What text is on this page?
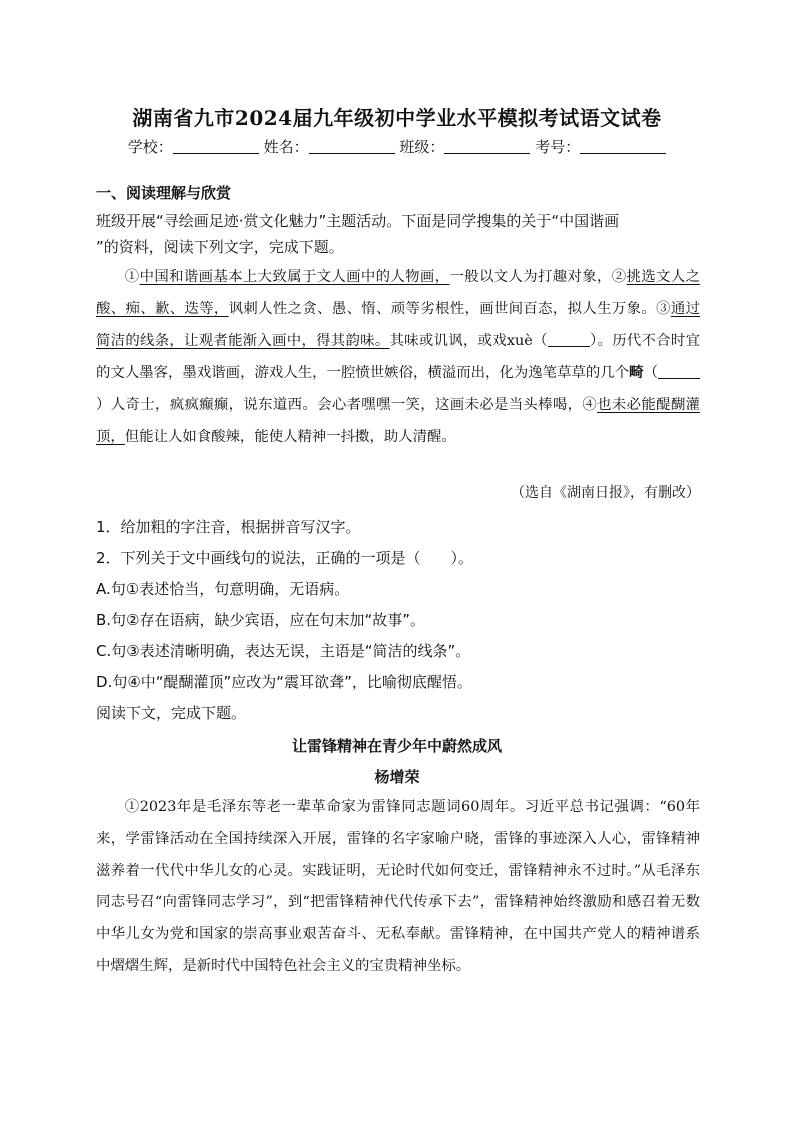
湖南省九市2024届九年级初中学业水平模拟考试语文试卷
学校：	姓名：	班级：	考号：
一、阅读理解与欣赏
班级开展“寻绘画足迹·赏文化魅力”主题活动。下面是同学搜集的关于“中国谐画
”的资料，阅读下列文字，完成下题。
①中国和谐画基本上大致属于文人画中的人物画，一般以文人为打趣对象，②挑选文人之酸、痴、歉、迭等，讽刺人性之贪、愚、惰、顽等劣根性，画世间百态，拟人生万象。③通过简洁的线条，让观者能渐入画中，得其韵味。其味或讥讽，或戏xuè（	）。历代不合时宜的文人墨客，墨戏谐画，游戏人生，一腔愤世嫉俗，横溢而出，化为逸笔草草的几个畸（）人奇士，疯疯癫癫，说东道西。会心者嘿嘿一笑，这画未必是当头棒喝，④也未必能醍醐灌顶，但能让人如食酸辣，能使人精神一抖擞，助人清醒。
（选自《湖南日报》，有删改）
1．给加粗的字注音，根据拼音写汉字。
2．下列关于文中画线句的说法，正确的一项是（　　）。
A.句①表述恰当，句意明确，无语病。
B.句②存在语病，缺少宾语，应在句末加“故事”。
C.句③表述清晰明确，表达无误，主语是“简洁的线条”。
D.句④中“醍醐灌顶”应改为“震耳欲聋”，比喻彻底醒悟。
阅读下文，完成下题。
让雷锋精神在青少年中蔚然成风
杨增荣
①2023年是毛泽东等老一辈革命家为雷锋同志题词60周年。习近平总书记强调：“60年来，学雷锋活动在全国持续深入开展，雷锋的名字家喻户晓，雷锋的事迹深入人心，雷锋精神滋养着一代代中华儿女的心灵。实践证明，无论时代如何变迁，雷锋精神永不过时。”从毛泽东同志号召“向雷锋同志学习”，到“把雷锋精神代代传承下去”，雷锋精神始终激励和感召着无数中华儿女为党和国家的崇高事业艰苦奋斗、无私奉献。雷锋精神，在中国共产党人的精神谱系中熠熠生辉，是新时代中国特色社会主义的宝贵精神坐标。
